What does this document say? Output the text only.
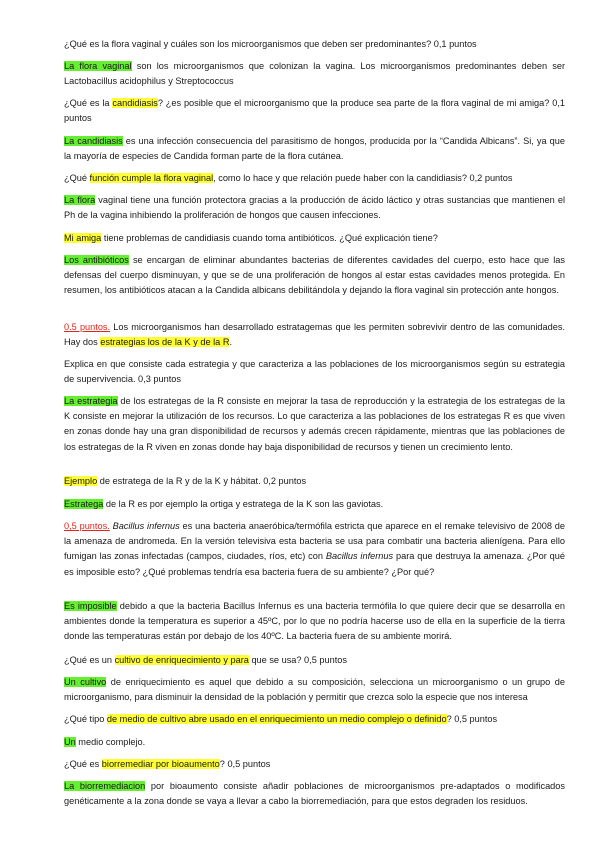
¿Qué es la flora vaginal y cuáles son los microorganismos que deben ser predominantes? 0,1 puntos

La flora vaginal son los microorganismos que colonizan la vagina. Los microorganismos predominantes deben ser Lactobacillus acidophilus y Streptococcus

¿Qué es la candidiasis? ¿es posible que el microorganismo que la produce sea parte de la flora vaginal de mi amiga? 0,1 puntos

La candidiasis es una infección consecuencia del parasitismo de hongos, producida por la “Candida Albicans”. Si, ya que la mayoría de especies de Candida forman parte de la flora cutánea.

¿Qué función cumple la flora vaginal, como lo hace y que relación puede haber con la candidiasis? 0,2 puntos

La flora vaginal tiene una función protectora gracias a la producción de ácido láctico y otras sustancias que mantienen el Ph de la vagina inhibiendo la proliferación de hongos que causen infecciones.

Mi amiga tiene problemas de candidiasis cuando toma antibióticos. ¿Qué explicación tiene?

Los antibióticos se encargan de eliminar abundantes bacterias de diferentes cavidades del cuerpo, esto hace que las defensas del cuerpo disminuyan, y que se de una proliferación de hongos al estar estas cavidades menos protegida. En resumen, los antibióticos atacan a la Candida albicans debilitándola y dejando la flora vaginal sin protección ante hongos.

0.5 puntos. Los microorganismos han desarrollado estratagemas que les permiten sobrevivir dentro de las comunidades. Hay dos estrategias los de la K y de la R.

Explica en que consiste cada estrategia y que caracteriza a las poblaciones de los microorganismos según su estrategia de supervivencia. 0,3 puntos

La estrategia de los estrategas de la R consiste en mejorar la tasa de reproducción y la estrategia de los estrategas de la K consiste en mejorar la utilización de los recursos. Lo que caracteriza a las poblaciones de los estrategas R es que viven en zonas donde hay una gran disponibilidad de recursos y además crecen rápidamente, mientras que las poblaciones de los estrategas de la R viven en zonas donde hay baja disponibilidad de recursos y tienen un crecimiento lento.

Ejemplo de estratega de la R y de la K y hábitat. 0,2 puntos

Estratega de la R es por ejemplo la ortiga y estratega de la K son las gaviotas.

0,5 puntos. Bacillus infernus es una bacteria anaeróbica/termófila estricta que aparece en el remake televisivo de 2008 de la amenaza de andromeda. En la versión televisiva esta bacteria se usa para combatir una bacteria alienígena. Para ello fumigan las zonas infectadas (campos, ciudades, ríos, etc) con Bacillus infernus para que destruya la amenaza. ¿Por qué es imposible esto? ¿Qué problemas tendría esa bacteria fuera de su ambiente? ¿Por qué?

Es imposible debido a que la bacteria Bacillus Infernus es una bacteria termófila lo que quiere decir que se desarrolla en ambientes donde la temperatura es superior a 45ºC, por lo que no podría hacerse uso de ella en la superficie de la tierra donde las temperaturas están por debajo de los 40ºC. La bacteria fuera de su ambiente morirá.

¿Qué es un cultivo de enriquecimiento y para que se usa? 0,5 puntos

Un cultivo de enriquecimiento es aquel que debido a su composición, selecciona un microorganismo o un grupo de microorganismo, para disminuir la densidad de la población y permitir que crezca solo la especie que nos interesa

¿Qué tipo de medio de cultivo abre usado en el enriquecimiento un medio complejo o definido? 0,5 puntos

Un medio complejo.

¿Qué es biorremediar por bioaumento? 0,5 puntos

La biorremediacion por bioaumento consiste añadir poblaciones de microorganismos pre-adaptados o modificados genéticamente a la zona donde se vaya a llevar a cabo la biorremediación, para que estos degraden los residuos.
